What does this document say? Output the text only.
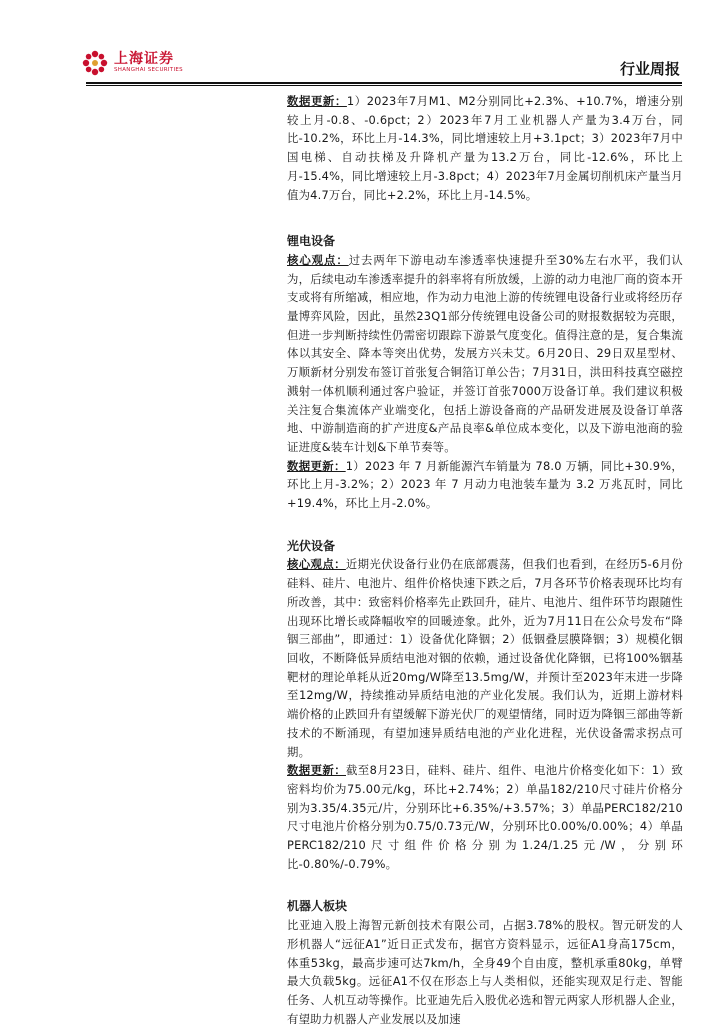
上海证券
SHANGHAI SECURITIES	行业周报

数据更新：1）2023年7月M1、M2分别同比+2.3%、+10.7%，增速分别较上月-0.8、-0.6pct；2）2023年7月工业机器人产量为3.4万台，同比-10.2%，环比上月-14.3%，同比增速较上月+3.1pct；3）2023年7月中国电梯、自动扶梯及升降机产量为13.2万台，同比-12.6%，环比上月-15.4%，同比增速较上月-3.8pct；4）2023年7月金属切削机床产量当月值为4.7万台，同比+2.2%，环比上月-14.5%。

锂电设备

核心观点：过去两年下游电动车渗透率快速提升至30%左右水平，我们认为，后续电动车渗透率提升的斜率将有所放缓，上游的动力电池厂商的资本开支或将有所缩减，相应地，作为动力电池上游的传统锂电设备行业或将经历存量博弈风险，因此，虽然23Q1部分传统锂电设备公司的财报数据较为亮眼，但进一步判断持续性仍需密切跟踪下游景气度变化。值得注意的是，复合集流体以其安全、降本等突出优势，发展方兴未艾。6月20日、29日双星型材、万顺新材分别发布签订首张复合铜箔订单公告；7月31日，洪田科技真空磁控溅射一体机顺利通过客户验证，并签订首张7000万设备订单。我们建议积极关注复合集流体产业端变化，包括上游设备商的产品研发进展及设备订单落地、中游制造商的扩产进度&产品良率&单位成本变化，以及下游电池商的验证进度&装车计划&下单节奏等。

数据更新：1）2023 年 7 月新能源汽车销量为 78.0 万辆，同比+30.9%，环比上月-3.2%；2）2023 年 7 月动力电池装车量为 3.2 万兆瓦时，同比+19.4%，环比上月-2.0%。

光伏设备

核心观点：近期光伏设备行业仍在底部震荡，但我们也看到，在经历5-6月份硅料、硅片、电池片、组件价格快速下跌之后，7月各环节价格表现环比均有所改善，其中：致密料价格率先止跌回升，硅片、电池片、组件环节均跟随性出现环比增长或降幅收窄的回暖迹象。此外，近为7月11日在公众号发布“降铟三部曲”，即通过：1）设备优化降铟；2）低铟叠层膜降铟；3）规模化铟回收，不断降低异质结电池对铟的依赖，通过设备优化降铟，已将100%铟基靶材的理论单耗从近20mg/W降至13.5mg/W，并预计至2023年末进一步降至12mg/W，持续推动异质结电池的产业化发展。我们认为，近期上游材料端价格的止跌回升有望缓解下游光伏厂的观望情绪，同时迈为降铟三部曲等新技术的不断涌现，有望加速异质结电池的产业化进程，光伏设备需求拐点可期。

数据更新：截至8月23日，硅料、硅片、组件、电池片价格变化如下：1）致密料均价为75.00元/kg，环比+2.74%；2）单晶182/210尺寸硅片价格分别为3.35/4.35元/片，分别环比+6.35%/+3.57%；3）单晶PERC182/210尺寸电池片价格分别为0.75/0.73元/W，分别环比0.00%/0.00%；4）单晶PERC182/210尺寸组件价格分别为1.24/1.25元/W，分别环比-0.80%/-0.79%。

机器人板块

比亚迪入股上海智元新创技术有限公司，占据3.78%的股权。智元研发的人形机器人“远征A1”近日正式发布，据官方资料显示，远征A1身高175cm，体重53kg，最高步速可达7km/h，全身49个自由度，整机承重80kg，单臂最大负载5kg。远征A1不仅在形态上与人类相似，还能实现双足行走、智能任务、人机互动等操作。比亚迪先后入股优必选和智元两家人形机器人企业，有望助力机器人产业发展以及加速
